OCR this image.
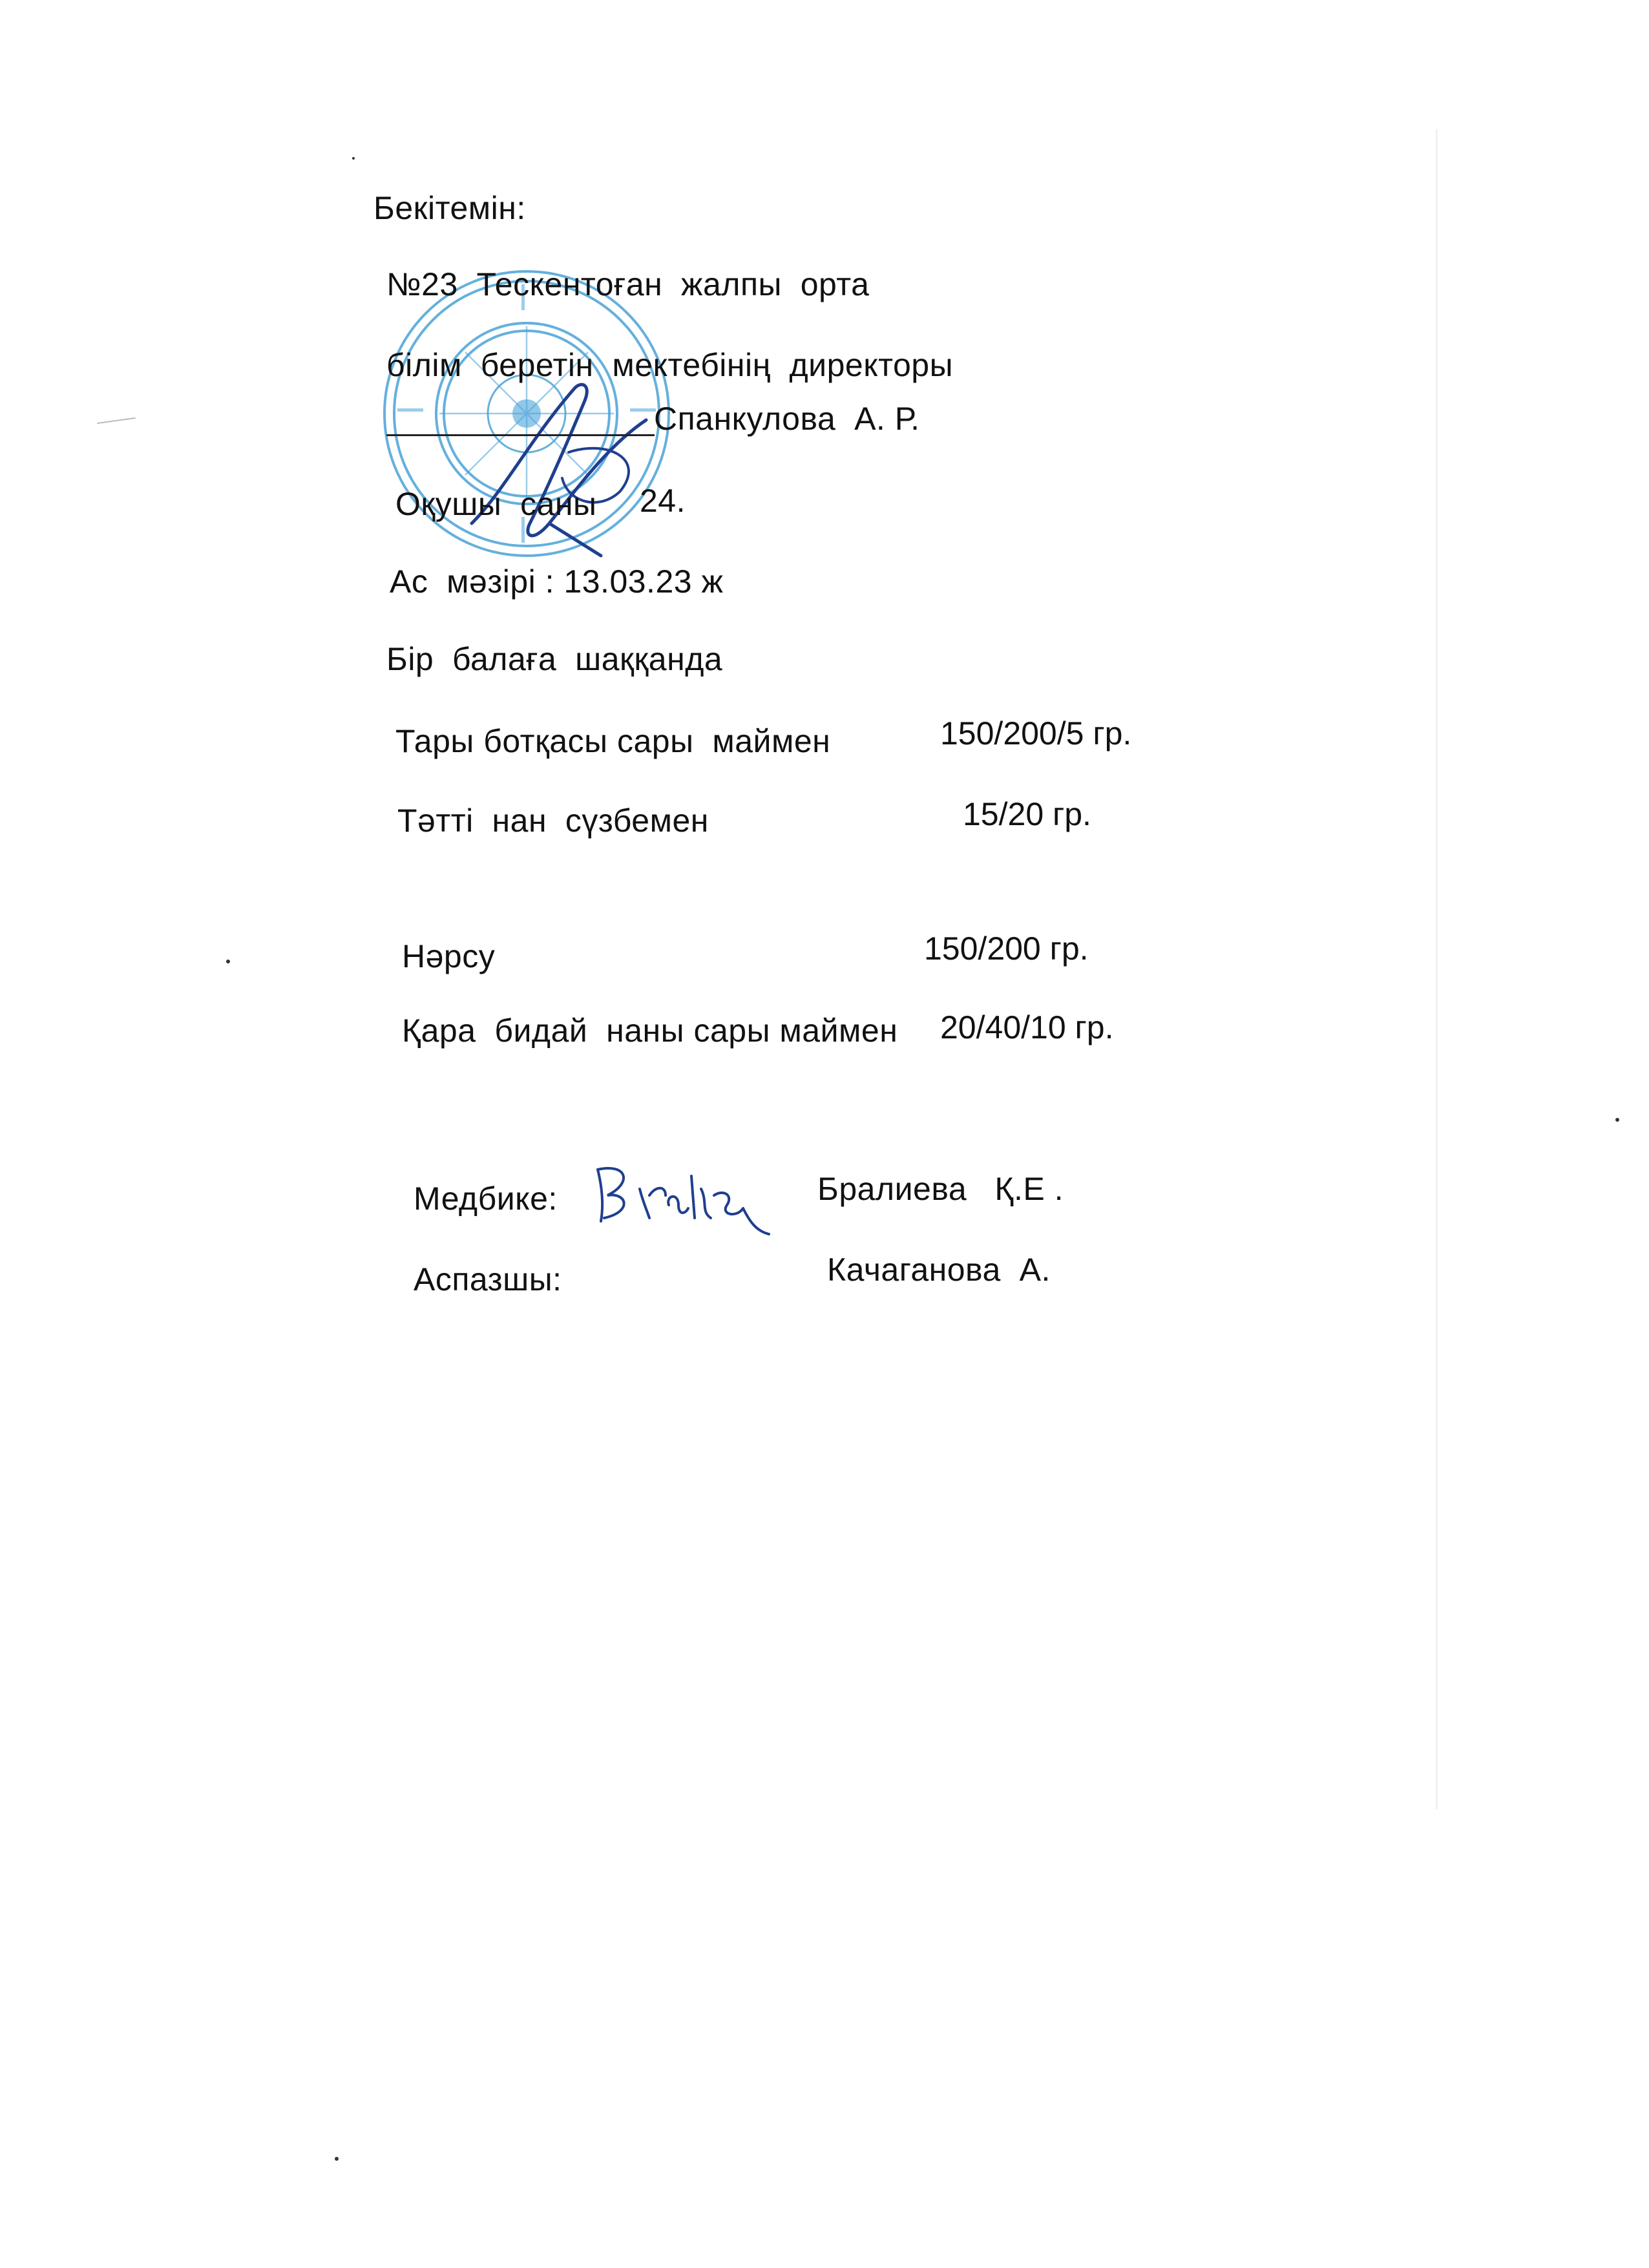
Бекітемін:
№23  Тескентоған  жалпы  орта
білім  беретін  мектебінің  директоры
Спанкулова  А. Р.
Оқушы  саны 24.
Ас  мәзірі : 13.03.23 ж
Бір  балаға  шаққанда
Тары ботқасы сары  маймен	150/200/5 гр.
Тәтті  нан  сүзбемен	15/20 гр.
Нәрсу	150/200 гр.
Қара  бидай  наны сары маймен 20/40/10 гр.
Медбике:	Бралиева   Қ.Е .
Аспазшы:	Качаганова  А.
